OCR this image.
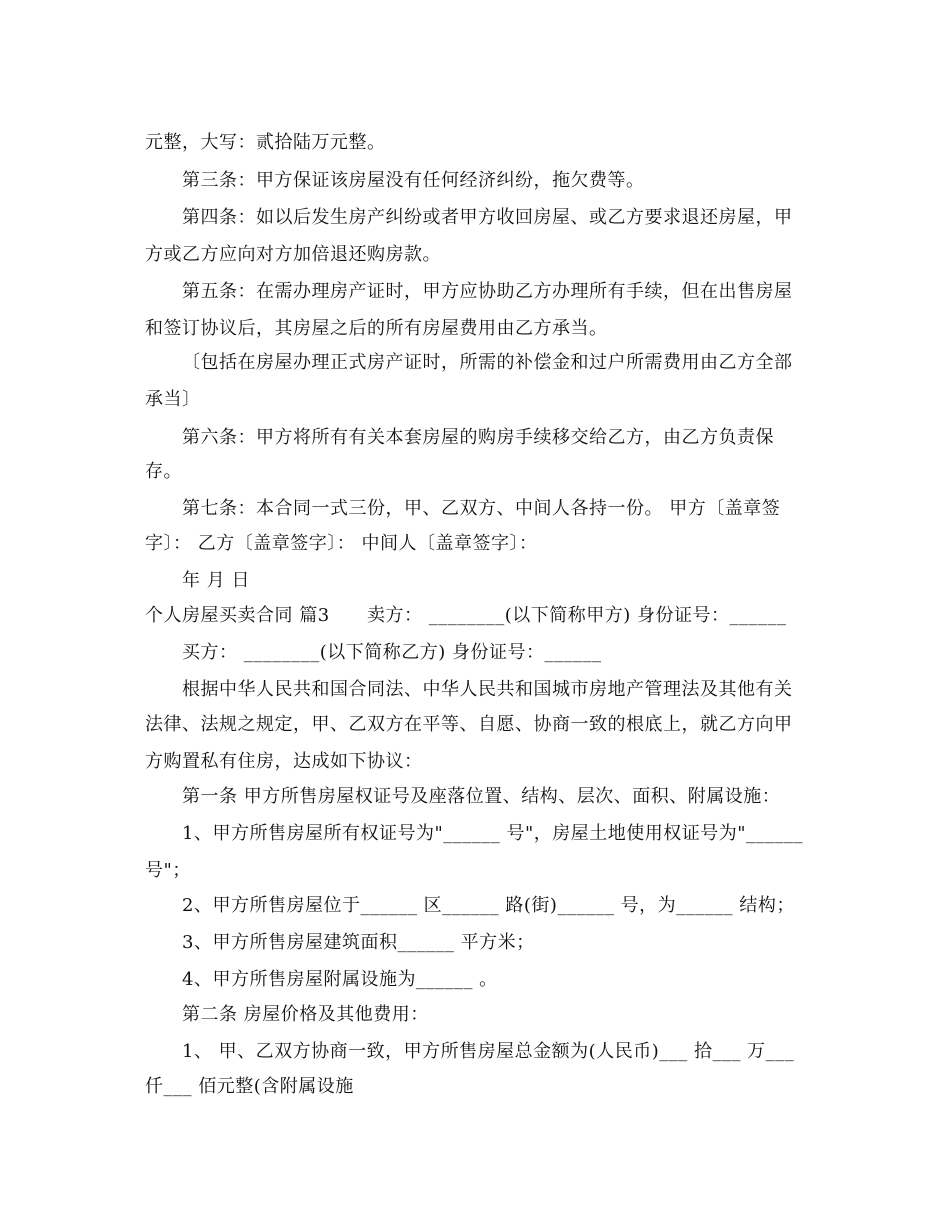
元整，大写：贰拾陆万元整。
第三条：甲方保证该房屋没有任何经济纠纷，拖欠费等。
第四条：如以后发生房产纠纷或者甲方收回房屋、或乙方要求退还房屋，甲
方或乙方应向对方加倍退还购房款。
第五条：在需办理房产证时，甲方应协助乙方办理所有手续，但在出售房屋
和签订协议后，其房屋之后的所有房屋费用由乙方承当。
〔包括在房屋办理正式房产证时，所需的补偿金和过户所需费用由乙方全部
承当〕
第六条：甲方将所有有关本套房屋的购房手续移交给乙方，由乙方负责保
存。
第七条：本合同一式三份，甲、乙双方、中间人各持一份。 甲方〔盖章签
字〕： 乙方〔盖章签字〕： 中间人〔盖章签字〕：
年 月 日
个人房屋买卖合同 篇3      卖方： ________(以下简称甲方) 身份证号：______
买方： ________(以下简称乙方) 身份证号：______
根据中华人民共和国合同法、中华人民共和国城市房地产管理法及其他有关
法律、法规之规定，甲、乙双方在平等、自愿、协商一致的根底上，就乙方向甲
方购置私有住房，达成如下协议：
第一条 甲方所售房屋权证号及座落位置、结构、层次、面积、附属设施：
1、甲方所售房屋所有权证号为"______ 号"，房屋土地使用权证号为"______
号"；
2、甲方所售房屋位于______ 区______ 路(街)______ 号，为______ 结构；
3、甲方所售房屋建筑面积______ 平方米；
4、甲方所售房屋附属设施为______ 。
第二条 房屋价格及其他费用：
1、 甲、乙双方协商一致，甲方所售房屋总金额为(人民币)___ 拾___ 万___
仟___ 佰元整(含附属设施
